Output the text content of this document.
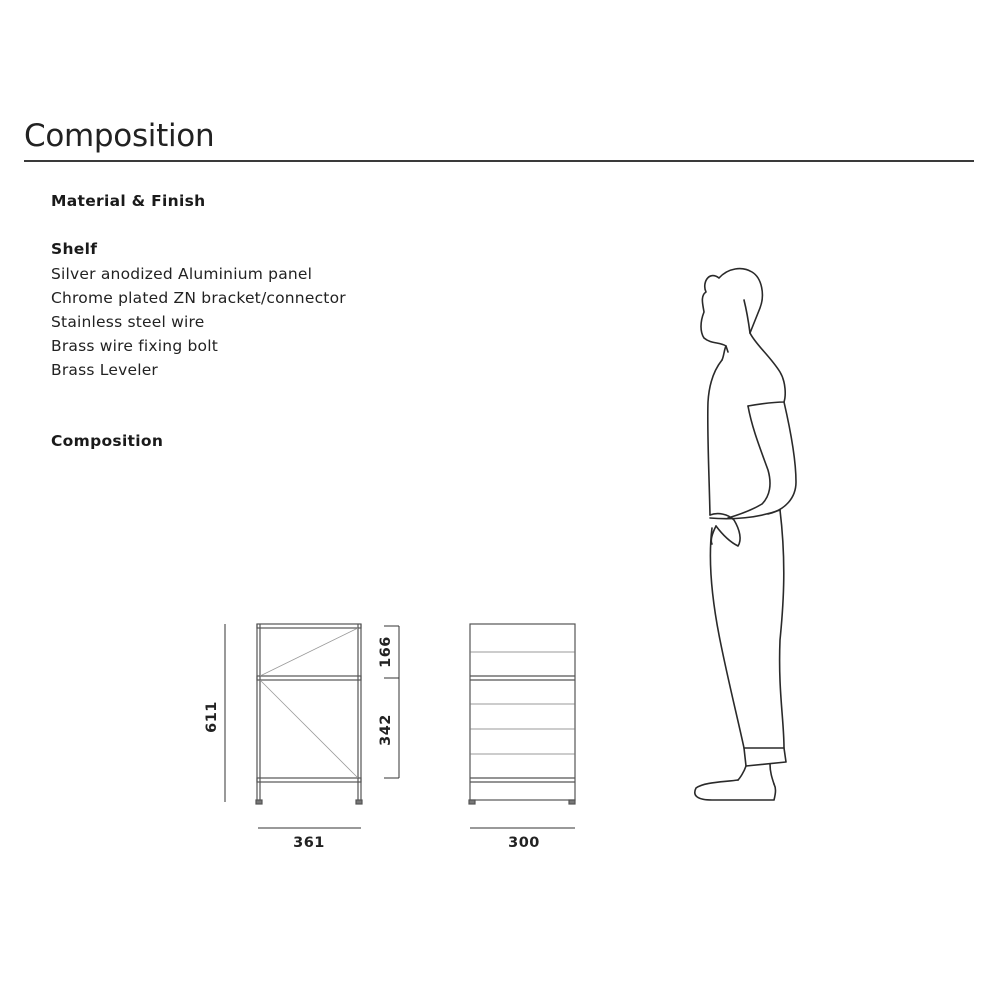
Composition
Material & Finish
Shelf
Silver anodized Aluminium panel
Chrome plated ZN bracket/connector
Stainless steel wire
Brass wire fixing bolt
Brass Leveler
Composition
611
166
342
361	300
